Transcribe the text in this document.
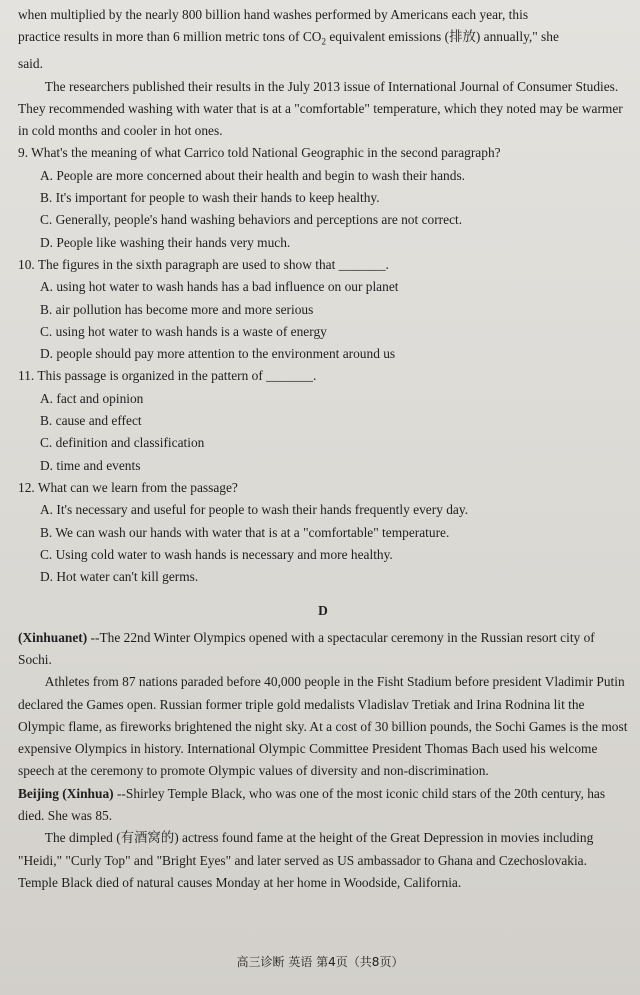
when multiplied by the nearly 800 billion hand washes performed by Americans each year, this

practice results in more than 6 million metric tons of $CO_2$ equivalent emissions (排放) annually," she

said.

The researchers published their results in the July 2013 issue of International Journal of Consumer Studies. They recommended washing with water that is at a "comfortable" temperature, which they noted may be warmer in cold months and cooler in hot ones.

9. What's the meaning of what Carrico told National Geographic in the second paragraph?

A. People are more concerned about their health and begin to wash their hands.

B. It's important for people to wash their hands to keep healthy.

C. Generally, people's hand washing behaviors and perceptions are not correct.

D. People like washing their hands very much.

10. The figures in the sixth paragraph are used to show that _______.

A. using hot water to wash hands has a bad influence on our planet

B. air pollution has become more and more serious

C. using hot water to wash hands is a waste of energy

D. people should pay more attention to the environment around us

11. This passage is organized in the pattern of _______.

A. fact and opinion

B. cause and effect

C. definition and classification

D. time and events

12. What can we learn from the passage?

A. It's necessary and useful for people to wash their hands frequently every day.

B. We can wash our hands with water that is at a "comfortable" temperature.

C. Using cold water to wash hands is necessary and more healthy.

D. Hot water can't kill germs.

D

(Xinhuanet) --The 22nd Winter Olympics opened with a spectacular ceremony in the Russian resort city of Sochi.

Athletes from 87 nations paraded before 40,000 people in the Fisht Stadium before president Vladimir Putin declared the Games open. Russian former triple gold medalists Vladislav Tretiak and Irina Rodnina lit the Olympic flame, as fireworks brightened the night sky. At a cost of 30 billion pounds, the Sochi Games is the most expensive Olympics in history. International Olympic Committee President Thomas Bach used his welcome speech at the ceremony to promote Olympic values of diversity and non-discrimination.

Beijing (Xinhua) --Shirley Temple Black, who was one of the most iconic child stars of the 20th century, has died. She was 85.

The dimpled (有酒窝的) actress found fame at the height of the Great Depression in movies including "Heidi," "Curly Top" and "Bright Eyes" and later served as US ambassador to Ghana and Czechoslovakia. Temple Black died of natural causes Monday at her home in Woodside, California.

高三诊断 英语 第4页（共8页）
